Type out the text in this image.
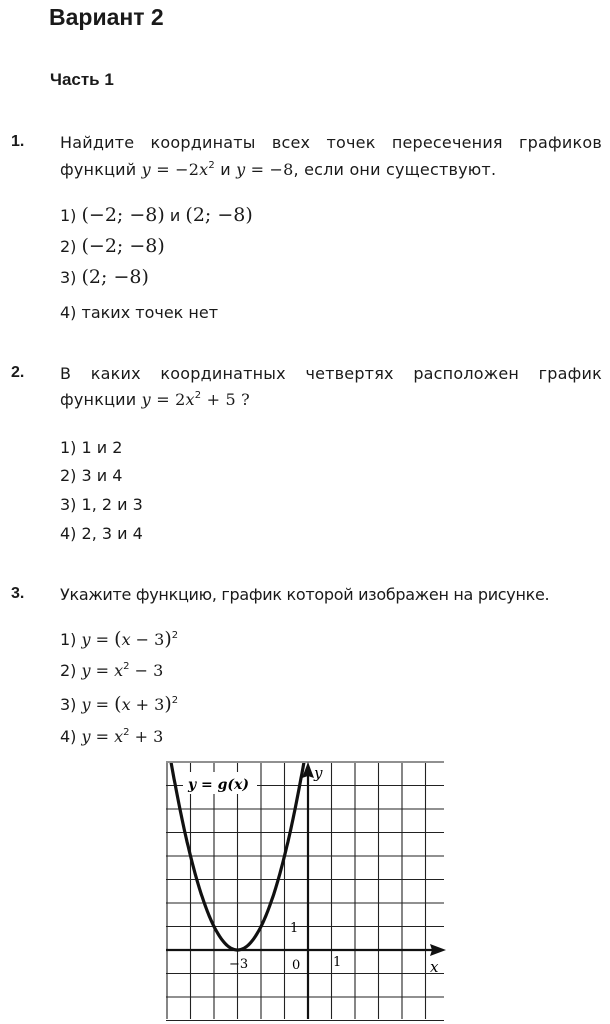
Вариант 2
Часть 1
1. Найдите координаты всех точек пересечения графиков
функций $y = -2x^2$ и y = −8, если они существуют.
1) (−2; −8) и (2; −8)
2) (−2; −8)
3) (2; −8)
4) таких точек нет
2. В каких координатных четвертях расположен график
функции $y = 2x^2 + 5$ ?
1) 1 и 2
2) 3 и 4
3) 1, 2 и 3
4) 2, 3 и 4
3. Укажите функцию, график которой изображен на рисунке.
1) $y = (x - 3)^2$
2) $y = x^2 - 3$
3) $y = (x + 3)^2$
4) $y = x^2 + 3$
y = g(x)
y
x
1
1
0
−3
